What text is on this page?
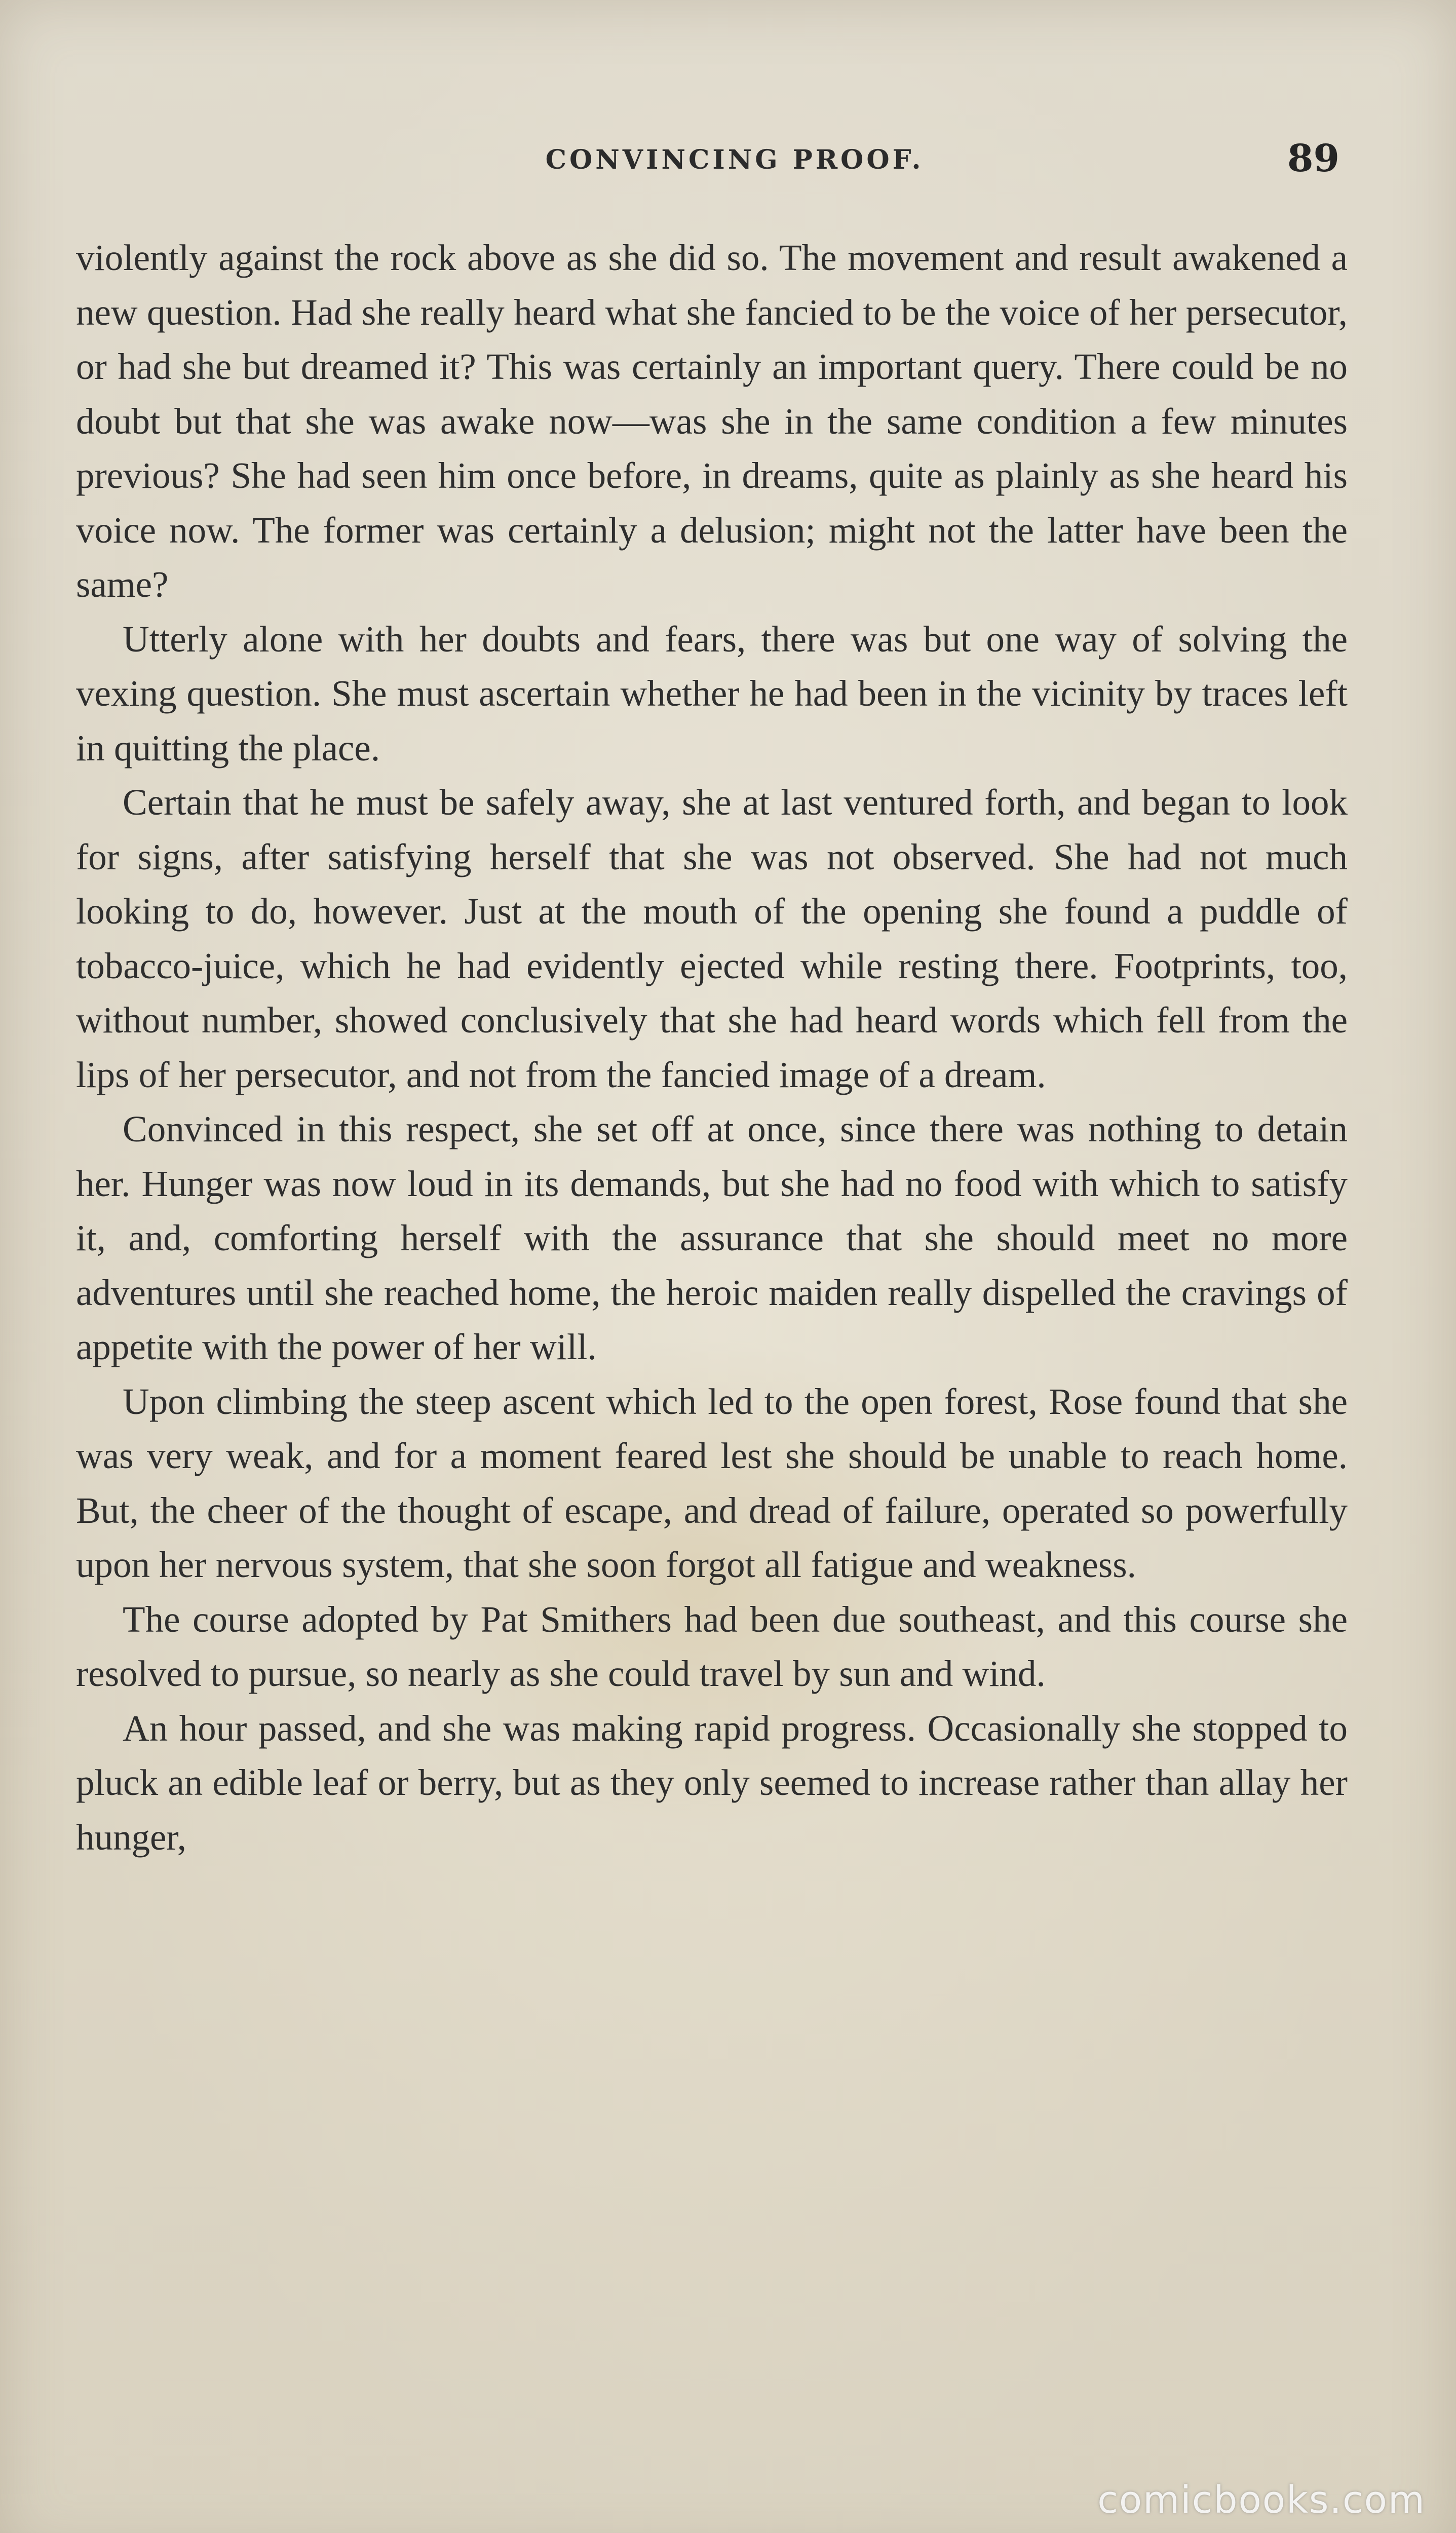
CONVINCING PROOF.	89

violently against the rock above as she did so. The movement and result awakened a new question. Had she really heard what she fancied to be the voice of her persecutor, or had she but dreamed it? This was certainly an important query. There could be no doubt but that she was awake now—was she in the same condition a few minutes previous? She had seen him once before, in dreams, quite as plainly as she heard his voice now. The former was certainly a delusion; might not the latter have been the same?

Utterly alone with her doubts and fears, there was but one way of solving the vexing question. She must ascertain whether he had been in the vicinity by traces left in quitting the place.

Certain that he must be safely away, she at last ventured forth, and began to look for signs, after satisfying herself that she was not observed. She had not much looking to do, however. Just at the mouth of the opening she found a puddle of tobacco-juice, which he had evidently ejected while resting there. Footprints, too, without number, showed conclusively that she had heard words which fell from the lips of her persecutor, and not from the fancied image of a dream.

Convinced in this respect, she set off at once, since there was nothing to detain her. Hunger was now loud in its demands, but she had no food with which to satisfy it, and, comforting herself with the assurance that she should meet no more adventures until she reached home, the heroic maiden really dispelled the cravings of appetite with the power of her will.

Upon climbing the steep ascent which led to the open forest, Rose found that she was very weak, and for a moment feared lest she should be unable to reach home. But, the cheer of the thought of escape, and dread of failure, operated so powerfully upon her nervous system, that she soon forgot all fatigue and weakness.

The course adopted by Pat Smithers had been due southeast, and this course she resolved to pursue, so nearly as she could travel by sun and wind.

An hour passed, and she was making rapid progress. Occasionally she stopped to pluck an edible leaf or berry, but as they only seemed to increase rather than allay her hunger,

comicbooks.com
